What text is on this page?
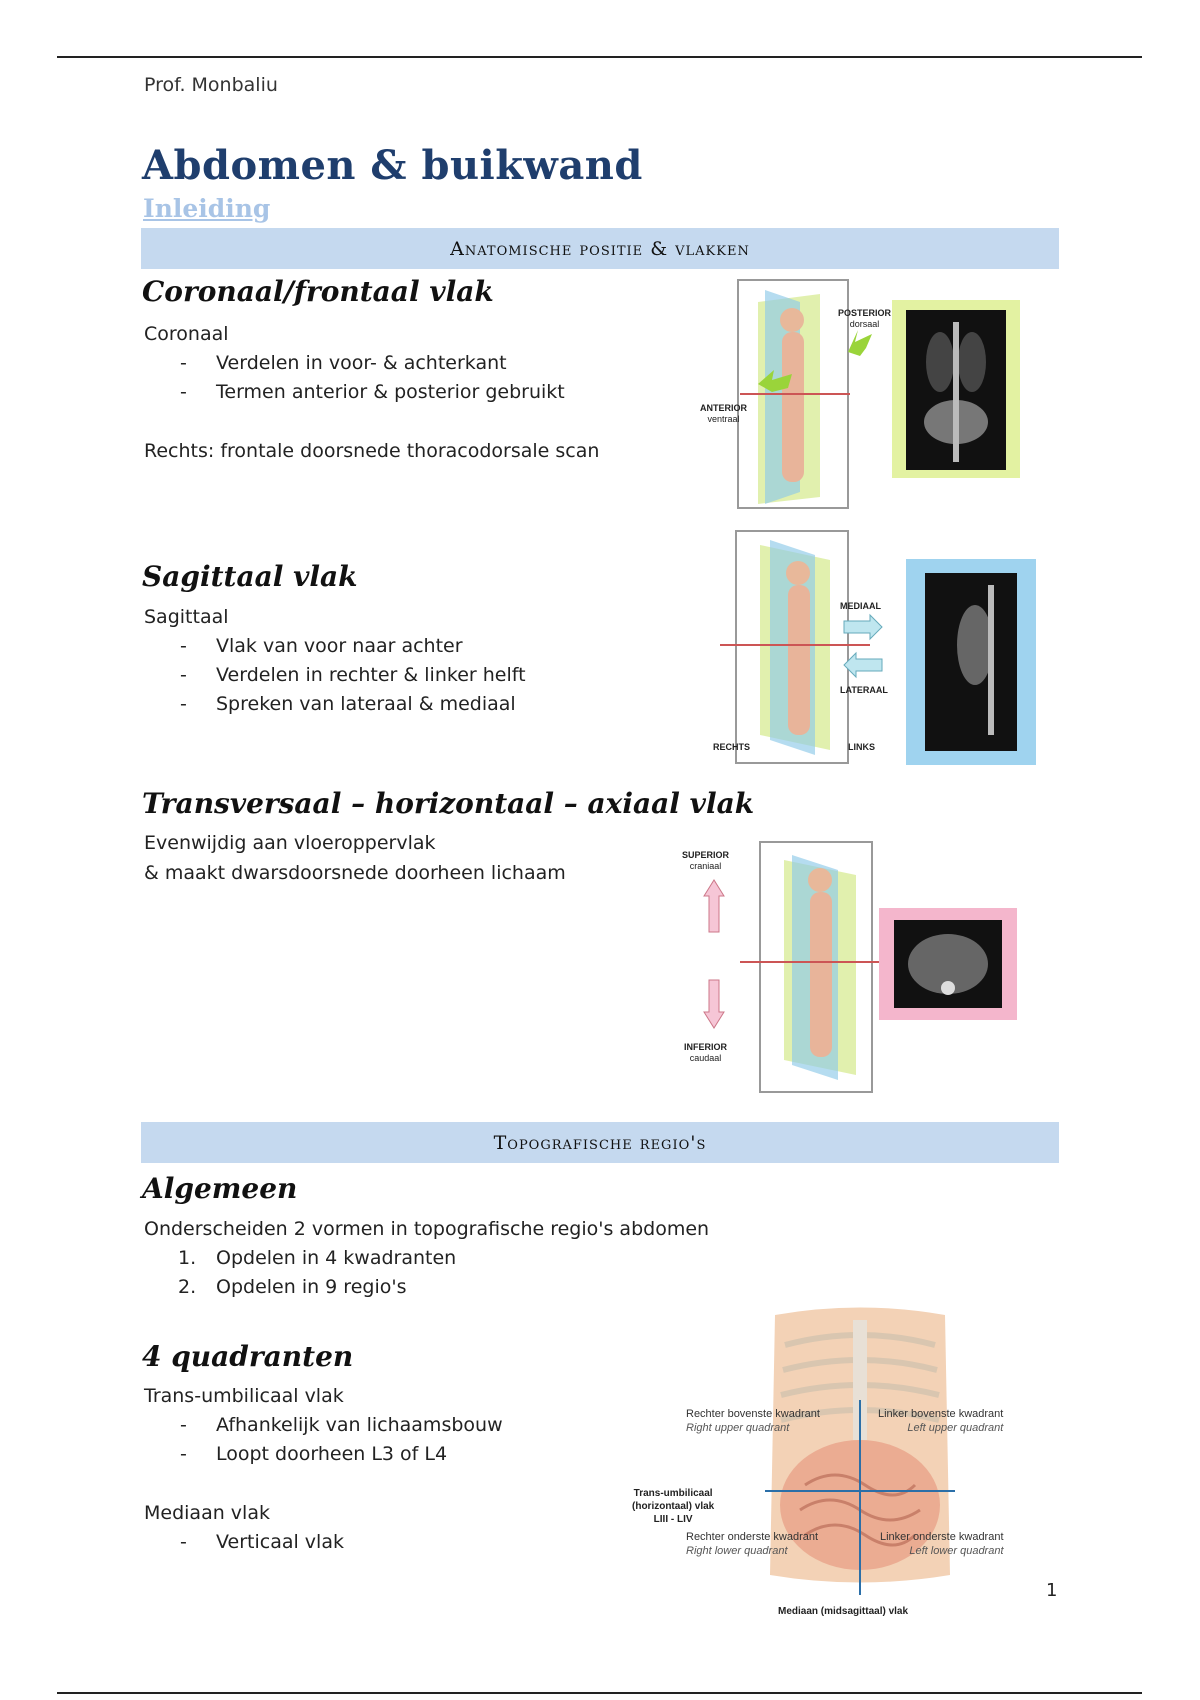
Prof. Monbaliu
Abdomen & buikwand
Inleiding
Anatomische positie & vlakken
Coronaal/frontaal vlak
Coronaal
- Verdelen in voor- & achterkant
- Termen anterior & posterior gebruikt
Rechts: frontale doorsnede thoracodorsale scan
POSTERIOR
dorsaal
ANTERIOR
ventraal
Sagittaal vlak
Sagittaal
- Vlak van voor naar achter
- Verdelen in rechter & linker helft
- Spreken van lateraal & mediaal
MEDIAAL
LATERAAL
RECHTS	LINKS
Transversaal – horizontaal – axiaal vlak
Evenwijdig aan vloeroppervlak
& maakt dwarsdoorsnede doorheen lichaam
SUPERIOR
craniaal
INFERIOR
caudaal
Topografische regio's
Algemeen
Onderscheiden 2 vormen in topografische regio's abdomen
Opdelen in 4 kwadranten
Opdelen in 9 regio's
4 quadranten
Trans-umbilicaal vlak
- Afhankelijk van lichaamsbouw
- Loopt doorheen L3 of L4
Mediaan vlak
- Verticaal vlak
Rechter bovenste kwadrant
Right upper quadrant
Linker bovenste kwadrant
Left upper quadrant
Rechter onderste kwadrant
Right lower quadrant
Linker onderste kwadrant
Left lower quadrant
Trans-umbilicaal
(horizontaal) vlak
LIII - LIV
Mediaan (midsagittaal) vlak
1
